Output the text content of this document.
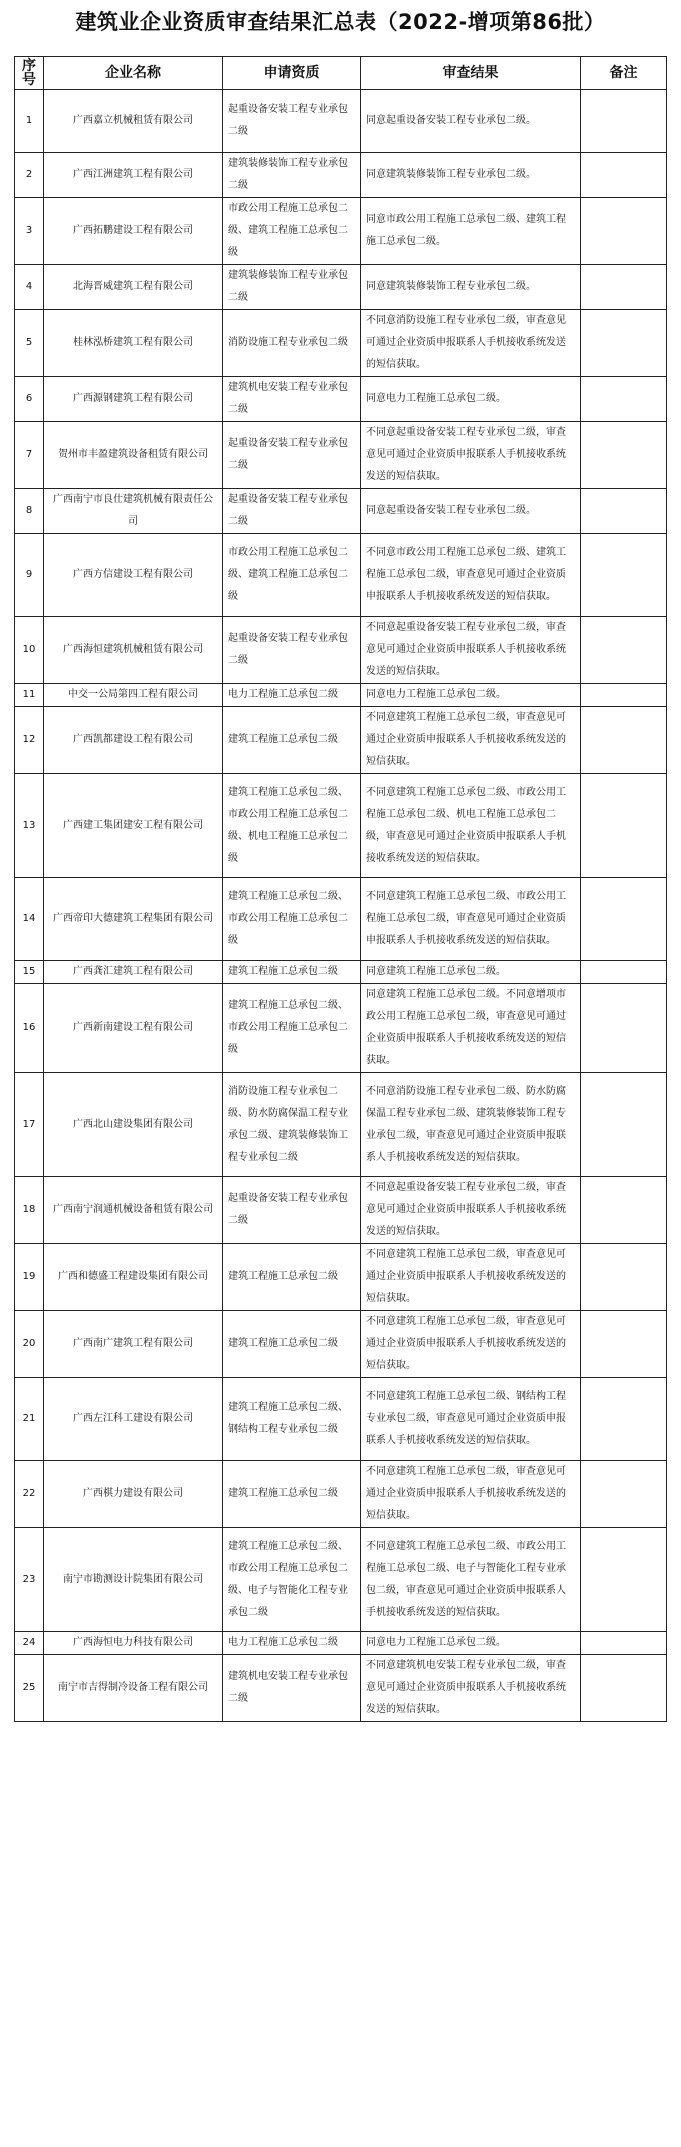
建筑业企业资质审查结果汇总表（2022-增项第86批）
序号	企业名称	申请资质	审查结果	备注
1	广西嘉立机械租赁有限公司	起重设备安装工程专业承包二级	同意起重设备安装工程专业承包二级。	
2	广西江洲建筑工程有限公司	建筑装修装饰工程专业承包二级	同意建筑装修装饰工程专业承包二级。	
3	广西拓鹏建设工程有限公司	市政公用工程施工总承包二级、建筑工程施工总承包二级	同意市政公用工程施工总承包二级、建筑工程施工总承包二级。	
4	北海晋威建筑工程有限公司	建筑装修装饰工程专业承包二级	同意建筑装修装饰工程专业承包二级。	
5	桂林泓桥建筑工程有限公司	消防设施工程专业承包二级	不同意消防设施工程专业承包二级，审查意见可通过企业资质申报联系人手机接收系统发送的短信获取。	
6	广西源钢建筑工程有限公司	建筑机电安装工程专业承包二级	同意电力工程施工总承包二级。	
7	贺州市丰盈建筑设备租赁有限公司	起重设备安装工程专业承包二级	不同意起重设备安装工程专业承包二级，审查意见可通过企业资质申报联系人手机接收系统发送的短信获取。	
8	广西南宁市良仕建筑机械有限责任公司	起重设备安装工程专业承包二级	同意起重设备安装工程专业承包二级。	
9	广西方信建设工程有限公司	市政公用工程施工总承包二级、建筑工程施工总承包二级	不同意市政公用工程施工总承包二级、建筑工程施工总承包二级，审查意见可通过企业资质申报联系人手机接收系统发送的短信获取。	
10	广西海恒建筑机械租赁有限公司	起重设备安装工程专业承包二级	不同意起重设备安装工程专业承包二级，审查意见可通过企业资质申报联系人手机接收系统发送的短信获取。	
11	中交一公局第四工程有限公司	电力工程施工总承包二级	同意电力工程施工总承包二级。	
12	广西凯都建设工程有限公司	建筑工程施工总承包二级	不同意建筑工程施工总承包二级，审查意见可通过企业资质申报联系人手机接收系统发送的短信获取。	
13	广西建工集团建安工程有限公司	建筑工程施工总承包二级、市政公用工程施工总承包二级、机电工程施工总承包二级	不同意建筑工程施工总承包二级、市政公用工程施工总承包二级、机电工程施工总承包二级，审查意见可通过企业资质申报联系人手机接收系统发送的短信获取。	
14	广西帝印大德建筑工程集团有限公司	建筑工程施工总承包二级、市政公用工程施工总承包二级	不同意建筑工程施工总承包二级、市政公用工程施工总承包二级，审查意见可通过企业资质申报联系人手机接收系统发送的短信获取。	
15	广西龚汇建筑工程有限公司	建筑工程施工总承包二级	同意建筑工程施工总承包二级。	
16	广西新南建设工程有限公司	建筑工程施工总承包二级、市政公用工程施工总承包二级	同意建筑工程施工总承包二级。不同意增项市政公用工程施工总承包二级，审查意见可通过企业资质申报联系人手机接收系统发送的短信获取。	
17	广西北山建设集团有限公司	消防设施工程专业承包二级、防水防腐保温工程专业承包二级、建筑装修装饰工程专业承包二级	不同意消防设施工程专业承包二级、防水防腐保温工程专业承包二级、建筑装修装饰工程专业承包二级，审查意见可通过企业资质申报联系人手机接收系统发送的短信获取。	
18	广西南宁润通机械设备租赁有限公司	起重设备安装工程专业承包二级	不同意起重设备安装工程专业承包二级，审查意见可通过企业资质申报联系人手机接收系统发送的短信获取。	
19	广西和德盛工程建设集团有限公司	建筑工程施工总承包二级	不同意建筑工程施工总承包二级，审查意见可通过企业资质申报联系人手机接收系统发送的短信获取。	
20	广西南广建筑工程有限公司	建筑工程施工总承包二级	不同意建筑工程施工总承包二级，审查意见可通过企业资质申报联系人手机接收系统发送的短信获取。	
21	广西左江科工建设有限公司	建筑工程施工总承包二级、钢结构工程专业承包二级	不同意建筑工程施工总承包二级、钢结构工程专业承包二级，审查意见可通过企业资质申报联系人手机接收系统发送的短信获取。	
22	广西棋力建设有限公司	建筑工程施工总承包二级	不同意建筑工程施工总承包二级，审查意见可通过企业资质申报联系人手机接收系统发送的短信获取。	
23	南宁市勘测设计院集团有限公司	建筑工程施工总承包二级、市政公用工程施工总承包二级、电子与智能化工程专业承包二级	不同意建筑工程施工总承包二级、市政公用工程施工总承包二级、电子与智能化工程专业承包二级，审查意见可通过企业资质申报联系人手机接收系统发送的短信获取。	
24	广西海恒电力科技有限公司	电力工程施工总承包二级	同意电力工程施工总承包二级。	
25	南宁市吉得制冷设备工程有限公司	建筑机电安装工程专业承包二级	不同意建筑机电安装工程专业承包二级，审查意见可通过企业资质申报联系人手机接收系统发送的短信获取。	
